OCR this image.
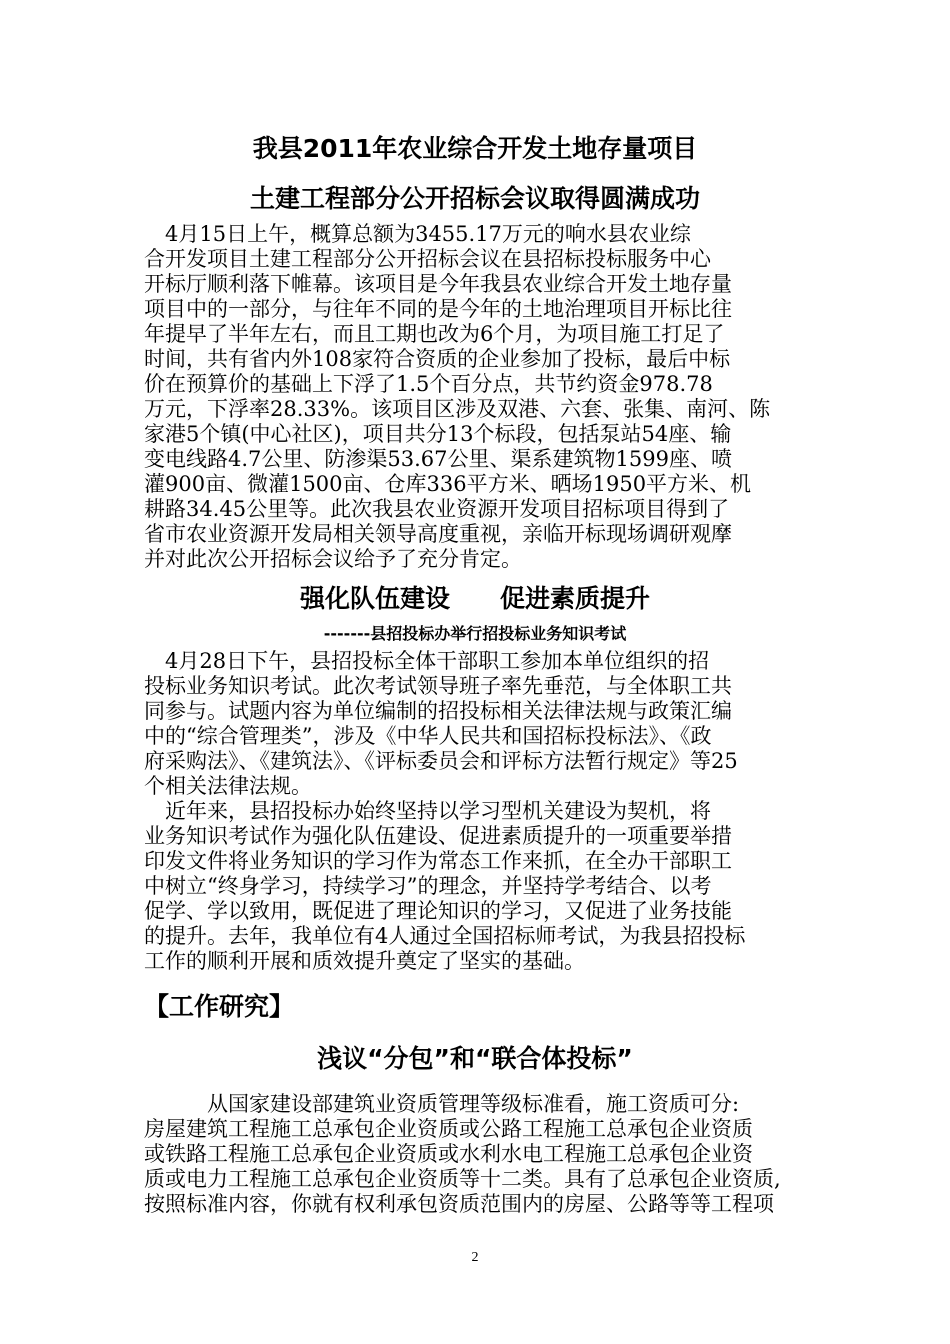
我县2011年农业综合开发土地存量项目
土建工程部分公开招标会议取得圆满成功
　4月15日上午，概算总额为3455.17万元的响水县农业综
合开发项目土建工程部分公开招标会议在县招标投标服务中心
开标厅顺利落下帷幕。该项目是今年我县农业综合开发土地存量
项目中的一部分，与往年不同的是今年的土地治理项目开标比往
年提早了半年左右，而且工期也改为6个月，为项目施工打足了
时间，共有省内外108家符合资质的企业参加了投标，最后中标
价在预算价的基础上下浮了1.5个百分点，共节约资金978.78
万元，下浮率28.33%。该项目区涉及双港、六套、张集、南河、陈
家港5个镇(中心社区)，项目共分13个标段，包括泵站54座、输
变电线路4.7公里、防渗渠53.67公里、渠系建筑物1599座、喷
灌900亩、微灌1500亩、仓库336平方米、晒场1950平方米、机
耕路34.45公里等。此次我县农业资源开发项目招标项目得到了
省市农业资源开发局相关领导高度重视，亲临开标现场调研观摩
并对此次公开招标会议给予了充分肯定。
强化队伍建设　　促进素质提升
-------县招投标办举行招投标业务知识考试
　4月28日下午，县招投标全体干部职工参加本单位组织的招
投标业务知识考试。此次考试领导班子率先垂范，与全体职工共
同参与。试题内容为单位编制的招投标相关法律法规与政策汇编
中的“综合管理类”，涉及《中华人民共和国招标投标法》、《政
府采购法》、《建筑法》、《评标委员会和评标方法暂行规定》等25
个相关法律法规。
　近年来，县招投标办始终坚持以学习型机关建设为契机，将
业务知识考试作为强化队伍建设、促进素质提升的一项重要举措
印发文件将业务知识的学习作为常态工作来抓，在全办干部职工
中树立“终身学习，持续学习”的理念，并坚持学考结合、以考
促学、学以致用，既促进了理论知识的学习，又促进了业务技能
的提升。去年，我单位有4人通过全国招标师考试，为我县招投标
工作的顺利开展和质效提升奠定了坚实的基础。
【工作研究】
浅议“分包”和“联合体投标”
　　　从国家建设部建筑业资质管理等级标准看，施工资质可分:
房屋建筑工程施工总承包企业资质或公路工程施工总承包企业资质
或铁路工程施工总承包企业资质或水利水电工程施工总承包企业资
质或电力工程施工总承包企业资质等十二类。具有了总承包企业资质,
按照标准内容，你就有权利承包资质范围内的房屋、公路等等工程项
2
